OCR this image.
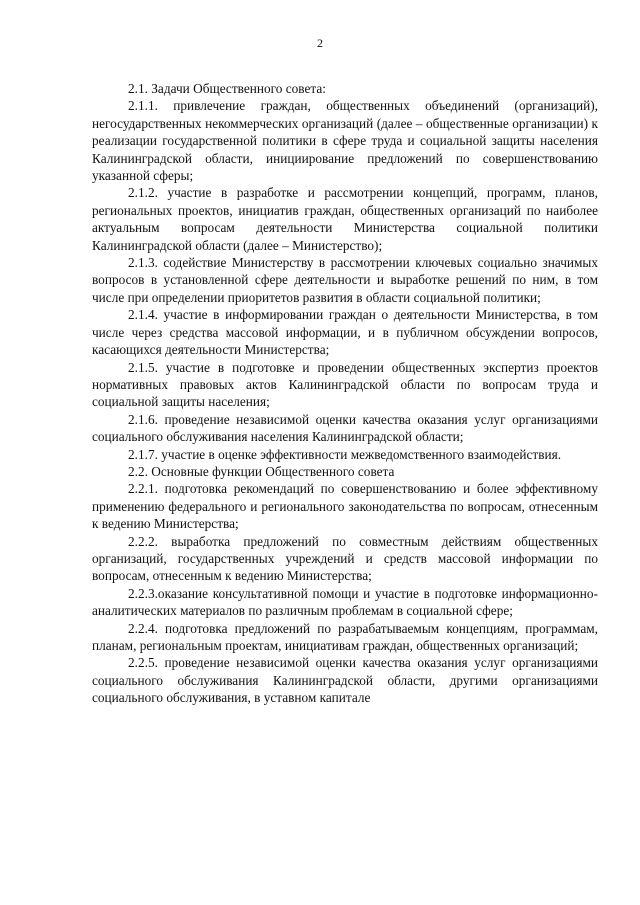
2

2.1. Задачи Общественного совета:

2.1.1. привлечение граждан, общественных объединений (организаций), негосударственных некоммерческих организаций (далее – общественные организации) к реализации государственной политики в сфере труда и социальной защиты населения Калининградской области, инициирование предложений по совершенствованию указанной сферы;

2.1.2. участие в разработке и рассмотрении концепций, программ, планов, региональных проектов, инициатив граждан, общественных организаций по наиболее актуальным вопросам деятельности Министерства социальной политики Калининградской области (далее – Министерство);

2.1.3. содействие Министерству в рассмотрении ключевых социально значимых вопросов в установленной сфере деятельности и выработке решений по ним, в том числе при определении приоритетов развития в области социальной политики;

2.1.4. участие в информировании граждан о деятельности Министерства, в том числе через средства массовой информации, и в публичном обсуждении вопросов, касающихся деятельности Министерства;

2.1.5. участие в подготовке и проведении общественных экспертиз проектов нормативных правовых актов Калининградской области по вопросам труда и социальной защиты населения;

2.1.6. проведение независимой оценки качества оказания услуг организациями социального обслуживания населения Калининградской области;

2.1.7. участие в оценке эффективности межведомственного взаимодействия.

2.2. Основные функции Общественного совета

2.2.1. подготовка рекомендаций по совершенствованию и более эффективному применению федерального и регионального законодательства по вопросам, отнесенным к ведению Министерства;

2.2.2. выработка предложений по совместным действиям общественных организаций, государственных учреждений и средств массовой информации по вопросам, отнесенным к ведению Министерства;

2.2.3.оказание консультативной помощи и участие в подготовке информационно-аналитических материалов по различным проблемам в социальной сфере;

2.2.4. подготовка предложений по разрабатываемым концепциям, программам, планам, региональным проектам, инициативам граждан, общественных организаций;

2.2.5. проведение независимой оценки качества оказания услуг организациями социального обслуживания Калининградской области, другими организациями социального обслуживания, в уставном капитале
